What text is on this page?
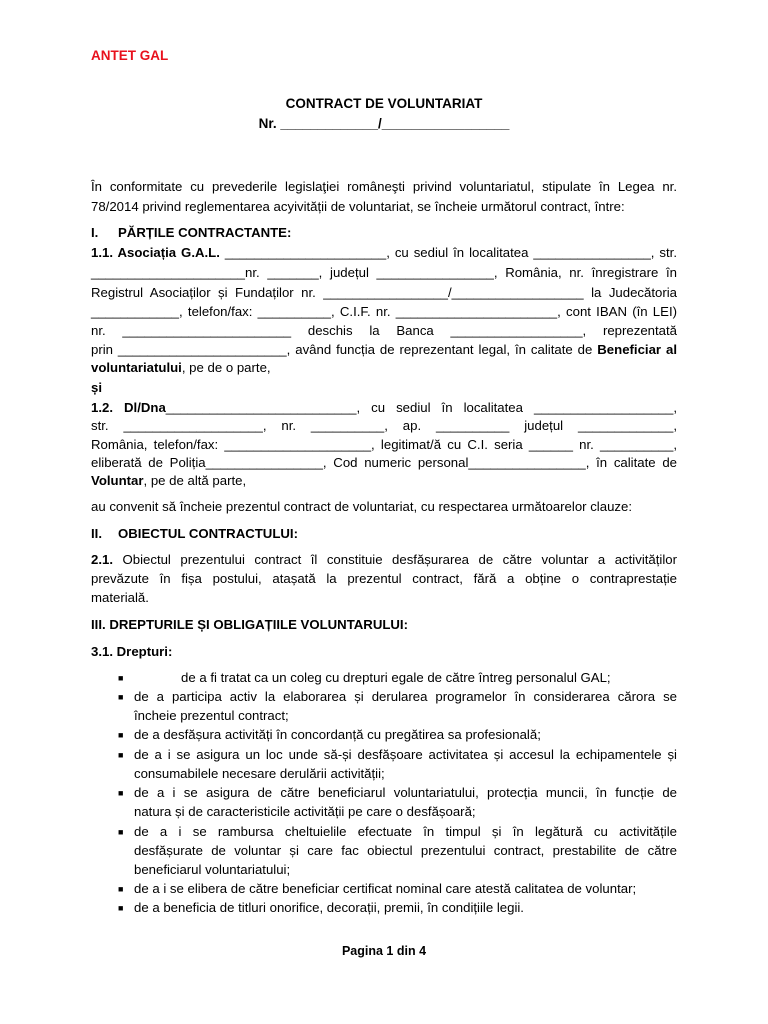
ANTET GAL
CONTRACT DE VOLUNTARIAT
Nr. _____________/_________________
În conformitate cu prevederile legislaţiei româneşti privind voluntariatul, stipulate în Legea nr.
78/2014 privind reglementarea acyivității de voluntariat, se încheie următorul contract, între:
I. PĂRȚILE CONTRACTANTE:
1.1. Asociația G.A.L. ______________________, cu sediul în localitatea ________________, str.
_____________________nr. _______, județul ________________, România, nr. înregistrare în
Registrul Asociaților și Fundaților nr. _________________/__________________ la Judecătoria
____________, telefon/fax: __________, C.I.F. nr. ______________________, cont IBAN (în LEI)
nr. _______________________ deschis la Banca __________________, reprezentată
prin _______________________, având funcția de reprezentant legal, în calitate de Beneficiar al
voluntariatului, pe de o parte,
și
1.2. Dl/Dna__________________________, cu sediul în localitatea ___________________,
str. ___________________, nr. __________, ap. __________ județul _____________,
România, telefon/fax: ____________________, legitimat/ă cu C.I. seria ______ nr. __________,
eliberată de Poliția________________, Cod numeric personal________________, în calitate de
Voluntar, pe de altă parte,
au convenit să încheie prezentul contract de voluntariat, cu respectarea următoarelor clauze:
II. OBIECTUL CONTRACTULUI:
2.1. Obiectul prezentului contract îl constituie desfășurarea de către voluntar a activităților
prevăzute în fișa postului, atașată la prezentul contract, fără a obține o contraprestație
materială.
III. DREPTURILE ȘI OBLIGAȚIILE VOLUNTARULUI:
3.1. Drepturi:
■	de a fi tratat ca un coleg cu drepturi egale de către întreg personalul GAL;
■ de a participa activ la elaborarea și derularea programelor în considerarea cărora se
încheie prezentul contract;
■ de a desfășura activități în concordanță cu pregătirea sa profesională;
■ de a i se asigura un loc unde să-și desfășoare activitatea și accesul la echipamentele și
consumabilele necesare derulării activității;
■ de a i se asigura de către beneficiarul voluntariatului, protecția muncii, în funcție de
natura și de caracteristicile activității pe care o desfășoară;
■ de a i se rambursa cheltuielile efectuate în timpul și în legătură cu activitățile
desfășurate de voluntar și care fac obiectul prezentului contract, prestabilite de către
beneficiarul voluntariatului;
■ de a i se elibera de către beneficiar certificat nominal care atestă calitatea de voluntar;
■ de a beneficia de titluri onorifice, decorații, premii, în condițiile legii.
Pagina 1 din 4
